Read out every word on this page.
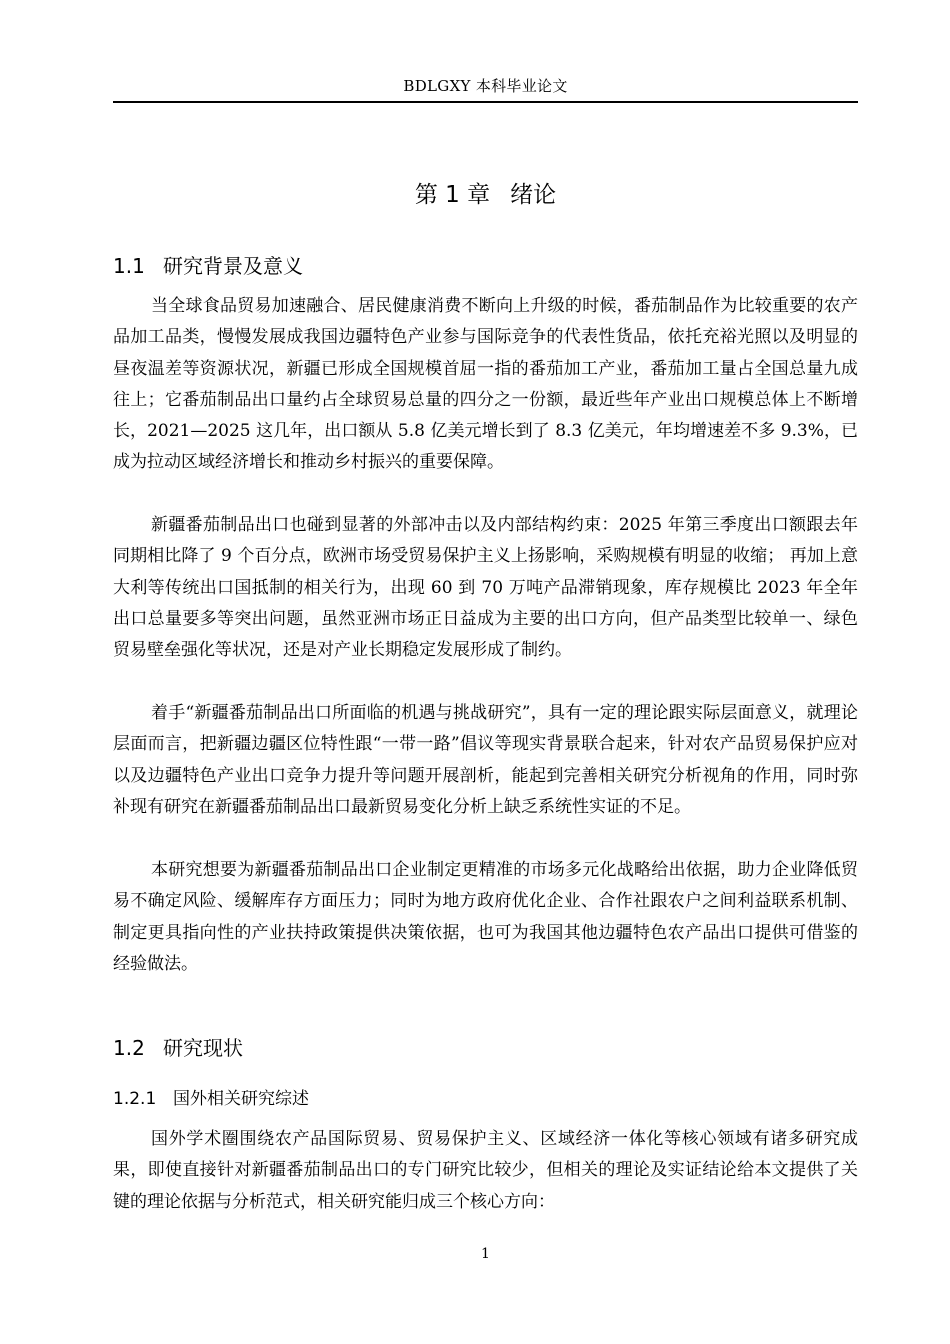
BDLGXY 本科毕业论文
第 1 章 绪论
1.1 研究背景及意义

当全球食品贸易加速融合、居民健康消费不断向上升级的时候，番茄制品作为比较重要的农产品加工品类，慢慢发展成我国边疆特色产业参与国际竞争的代表性货品，依托充裕光照以及明显的昼夜温差等资源状况，新疆已形成全国规模首屈一指的番茄加工产业，番茄加工量占全国总量九成往上；它番茄制品出口量约占全球贸易总量的四分之一份额，最近些年产业出口规模总体上不断增长，2021—2025 这几年，出口额从 5.8 亿美元增长到了 8.3 亿美元，年均增速差不多 9.3%，已成为拉动区域经济增长和推动乡村振兴的重要保障。

新疆番茄制品出口也碰到显著的外部冲击以及内部结构约束：2025 年第三季度出口额跟去年同期相比降了 9 个百分点，欧洲市场受贸易保护主义上扬影响，采购规模有明显的收缩； 再加上意大利等传统出口国抵制的相关行为，出现 60 到 70 万吨产品滞销现象，库存规模比 2023 年全年出口总量要多等突出问题，虽然亚洲市场正日益成为主要的出口方向，但产品类型比较单一、绿色贸易壁垒强化等状况，还是对产业长期稳定发展形成了制约。

着手“新疆番茄制品出口所面临的机遇与挑战研究”，具有一定的理论跟实际层面意义，就理论层面而言，把新疆边疆区位特性跟“一带一路”倡议等现实背景联合起来，针对农产品贸易保护应对以及边疆特色产业出口竞争力提升等问题开展剖析，能起到完善相关研究分析视角的作用，同时弥补现有研究在新疆番茄制品出口最新贸易变化分析上缺乏系统性实证的不足。

本研究想要为新疆番茄制品出口企业制定更精准的市场多元化战略给出依据，助力企业降低贸易不确定风险、缓解库存方面压力；同时为地方政府优化企业、合作社跟农户之间利益联系机制、制定更具指向性的产业扶持政策提供决策依据，也可为我国其他边疆特色农产品出口提供可借鉴的经验做法。

1.2 研究现状
1.2.1 国外相关研究综述

国外学术圈围绕农产品国际贸易、贸易保护主义、区域经济一体化等核心领域有诸多研究成果，即使直接针对新疆番茄制品出口的专门研究比较少，但相关的理论及实证结论给本文提供了关键的理论依据与分析范式，相关研究能归成三个核心方向：

1
